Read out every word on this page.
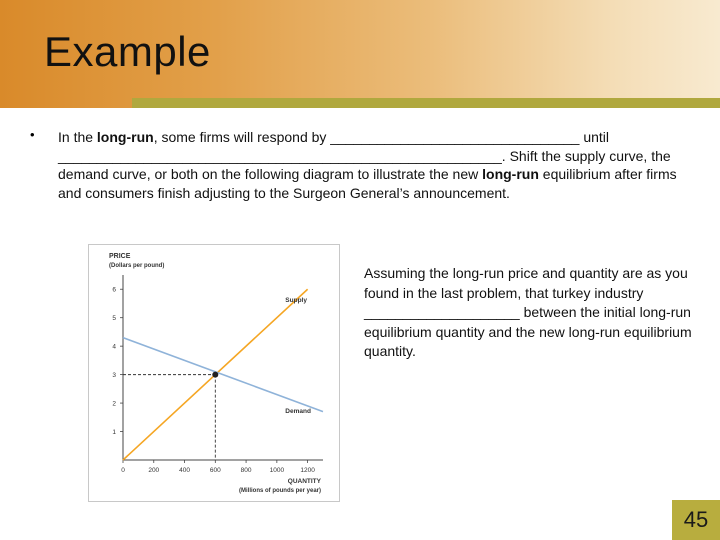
Example
• In the long-run, some firms will respond by ________________________________ until _________________________________________________________. Shift the supply curve, the demand curve, or both on the following diagram to illustrate the new long-run equilibrium after firms and consumers finish adjusting to the Surgeon General’s announcement.
PRICE
(Dollars per pound)
QUANTITY
(Millions of pounds per year)
0	200	400	600	800	1000	1200
1
2
3
4
5
6
Supply
Demand
Assuming the long-run price and quantity are as you found in the last problem, that turkey industry ____________________ between the initial long-run equilibrium quantity and the new long-run equilibrium quantity.
45
